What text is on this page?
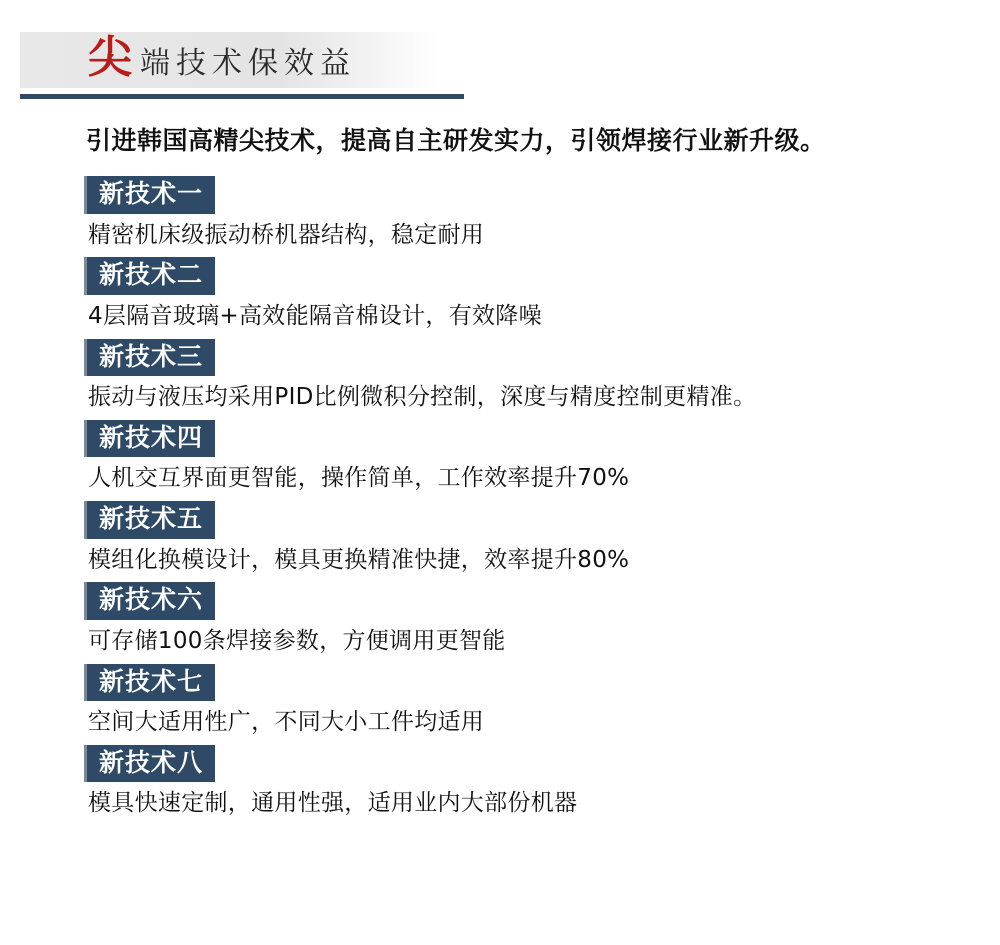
尖 端技术保效益
引进韩国高精尖技术，提高自主研发实力，引领焊接行业新升级。
新技术一
精密机床级振动桥机器结构，稳定耐用
新技术二
4层隔音玻璃+高效能隔音棉设计，有效降噪
新技术三
振动与液压均采用PID比例微积分控制，深度与精度控制更精准。
新技术四
人机交互界面更智能，操作简单，工作效率提升70%
新技术五
模组化换模设计，模具更换精准快捷，效率提升80%
新技术六
可存储100条焊接参数，方便调用更智能
新技术七
空间大适用性广，不同大小工件均适用
新技术八
模具快速定制，通用性强，适用业内大部份机器
